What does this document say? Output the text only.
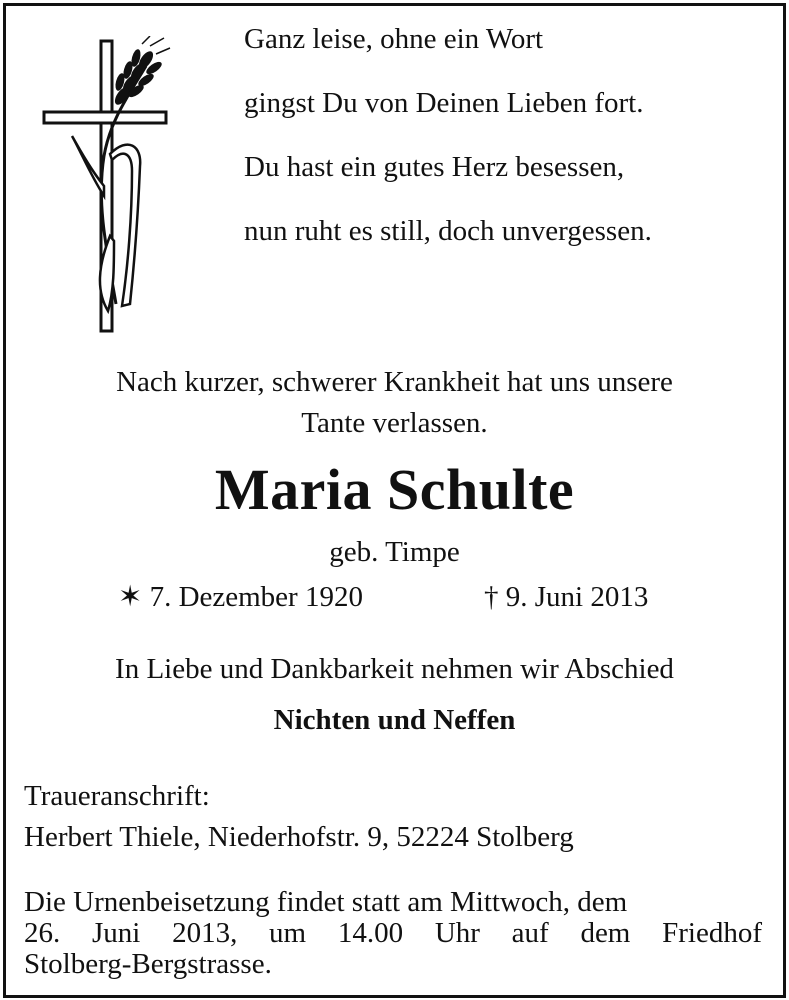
Ganz leise, ohne ein Wort
gingst Du von Deinen Lieben fort.
Du hast ein gutes Herz besessen,
nun ruht es still, doch unvergessen.
Nach kurzer, schwerer Krankheit hat uns unsere
Tante verlassen.
Maria Schulte
geb. Timpe
✶ 7. Dezember 1920	† 9. Juni 2013
In Liebe und Dankbarkeit nehmen wir Abschied
Nichten und Neffen
Traueranschrift:
Herbert Thiele, Niederhofstr. 9, 52224 Stolberg
Die Urnenbeisetzung findet statt am Mittwoch, dem
26. Juni 2013, um 14.00 Uhr auf dem Friedhof
Stolberg-Bergstrasse.
